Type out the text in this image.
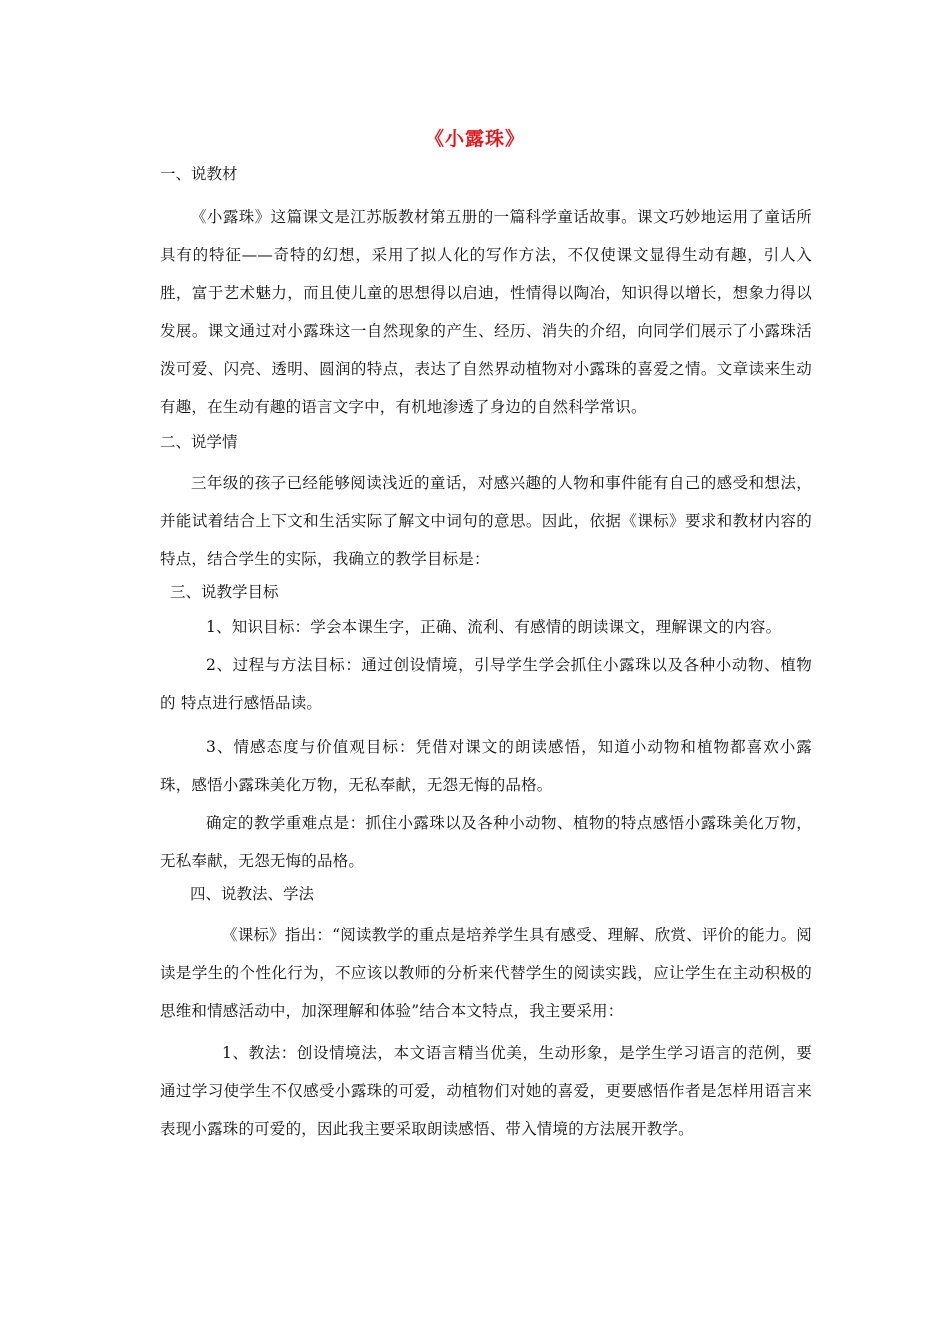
《小露珠》

一、说教材

《小露珠》这篇课文是江苏版教材第五册的一篇科学童话故事。课文巧妙地运用了童话所具有的特征——奇特的幻想，采用了拟人化的写作方法，不仅使课文显得生动有趣，引人入胜，富于艺术魅力，而且使儿童的思想得以启迪，性情得以陶冶，知识得以增长，想象力得以发展。课文通过对小露珠这一自然现象的产生、经历、消失的介绍，向同学们展示了小露珠活泼可爱、闪亮、透明、圆润的特点，表达了自然界动植物对小露珠的喜爱之情。文章读来生动有趣，在生动有趣的语言文字中，有机地渗透了身边的自然科学常识。

二、说学情

三年级的孩子已经能够阅读浅近的童话，对感兴趣的人物和事件能有自己的感受和想法，并能试着结合上下文和生活实际了解文中词句的意思。因此，依据《课标》要求和教材内容的特点，结合学生的实际，我确立的教学目标是：

三、说教学目标

1、知识目标：学会本课生字，正确、流利、有感情的朗读课文，理解课文的内容。

2、过程与方法目标：通过创设情境，引导学生学会抓住小露珠以及各种小动物、植物的 特点进行感悟品读。

3、情感态度与价值观目标：凭借对课文的朗读感悟，知道小动物和植物都喜欢小露珠，感悟小露珠美化万物，无私奉献，无怨无悔的品格。

确定的教学重难点是：抓住小露珠以及各种小动物、植物的特点感悟小露珠美化万物，无私奉献，无怨无悔的品格。

四、说教法、学法

《课标》指出：“阅读教学的重点是培养学生具有感受、理解、欣赏、评价的能力。阅读是学生的个性化行为，不应该以教师的分析来代替学生的阅读实践，应让学生在主动积极的思维和情感活动中，加深理解和体验”结合本文特点，我主要采用：

1、教法：创设情境法，本文语言精当优美，生动形象，是学生学习语言的范例，要通过学习使学生不仅感受小露珠的可爱，动植物们对她的喜爱，更要感悟作者是怎样用语言来表现小露珠的可爱的，因此我主要采取朗读感悟、带入情境的方法展开教学。
